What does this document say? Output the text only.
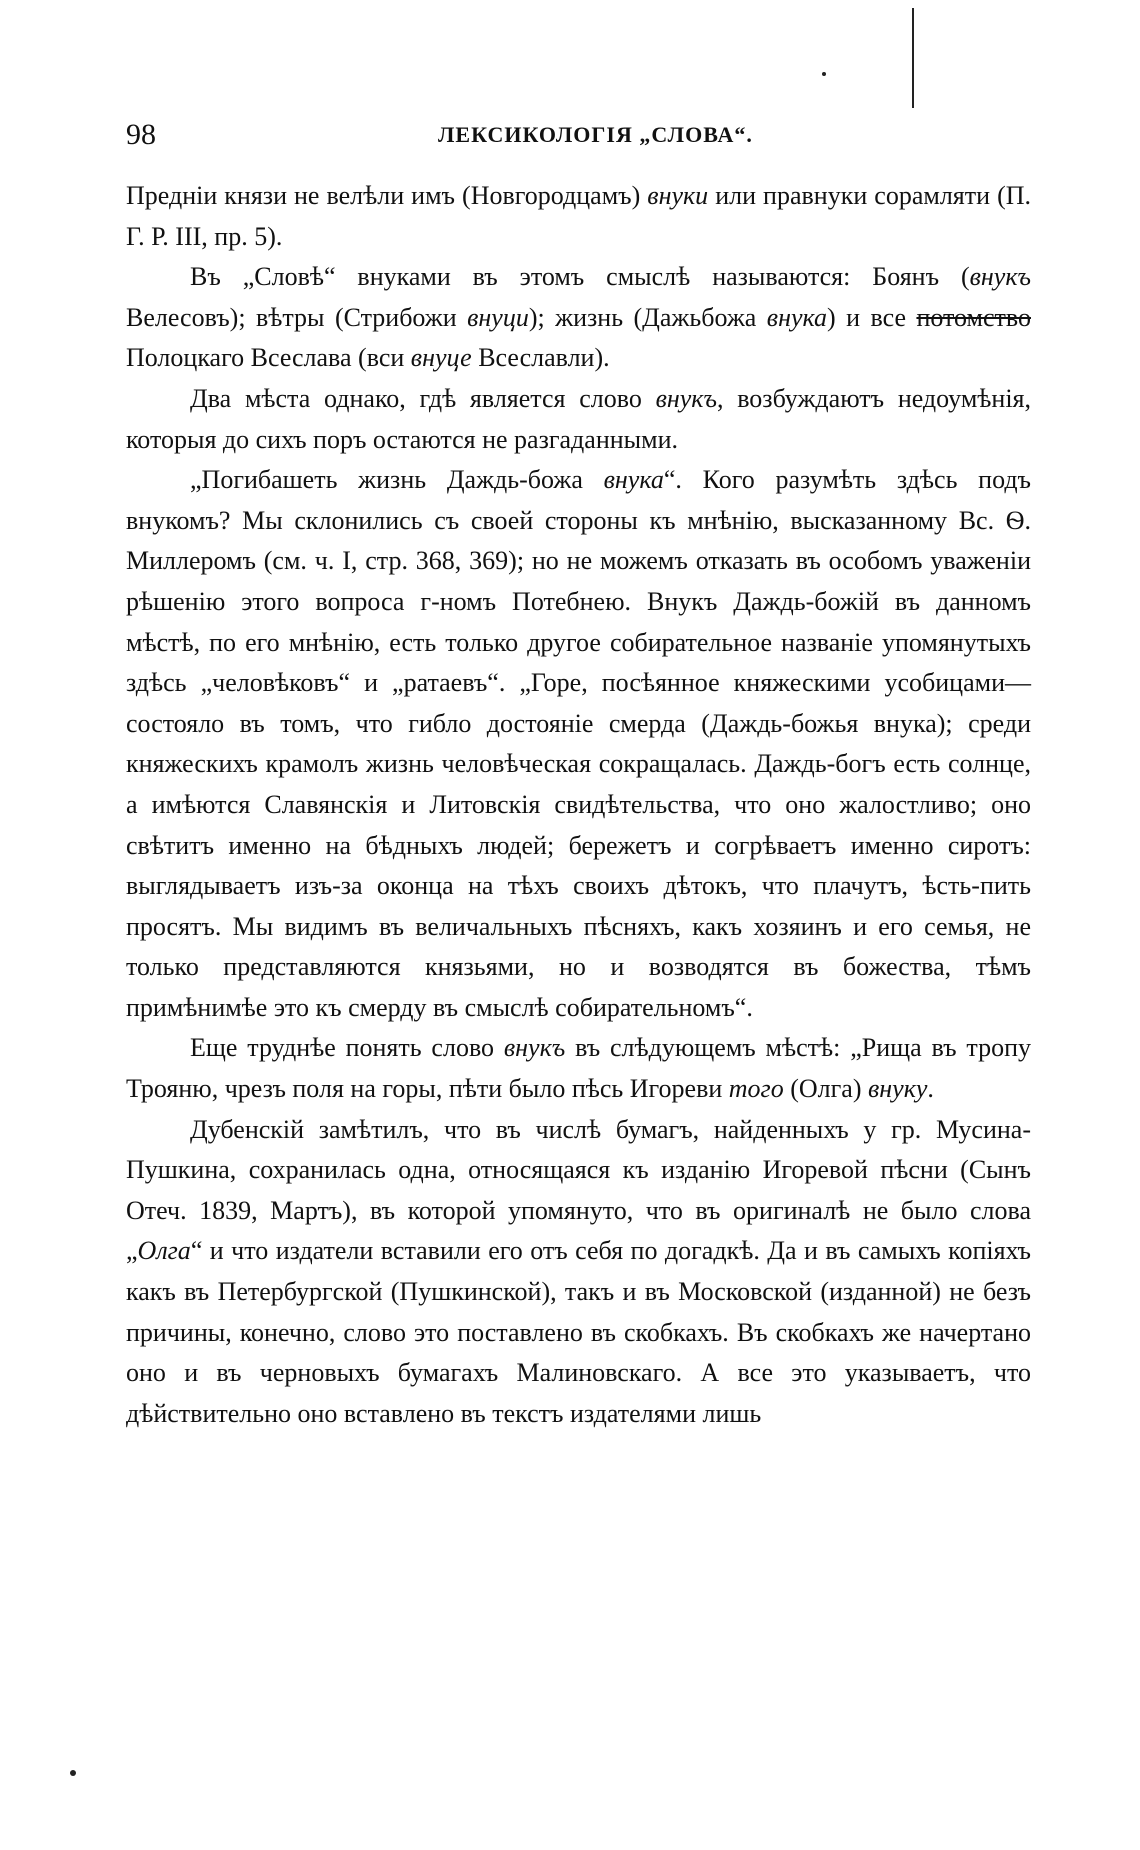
98	ЛЕКСИКОЛОГІЯ „СЛОВА“.

Предніи князи не велѣли имъ (Новгородцамъ) внуки или правнуки сорамляти (П. Г. Р. III, пр. 5).

Въ „Словѣ“ внуками въ этомъ смыслѣ называются: Боянъ (внукъ Велесовъ); вѣтры (Стрибожи внуци); жизнь (Дажьбожа внука) и все потомство Полоцкаго Всеслава (вси внуце Всеславли).

Два мѣста однако, гдѣ является слово внукъ, возбуждаютъ недоумѣнія, которыя до сихъ поръ остаются не разгаданными.

„Погибашеть жизнь Даждь-божа внука“. Кого разумѣть здѣсь подъ внукомъ? Мы склонились съ своей стороны къ мнѣнію, высказанному Вс. Ѳ. Миллеромъ (см. ч. I, стр. 368, 369); но не можемъ отказать въ особомъ уваженіи рѣшенію этого вопроса г-номъ Потебнею. Внукъ Даждь-божій въ данномъ мѣстѣ, по его мнѣнію, есть только другое собирательное названіе упомянутыхъ здѣсь „человѣковъ“ и „ратаевъ“. „Горе, посѣянное княжескими усобицами—состояло въ томъ, что гибло достояніе смерда (Даждь-божья внука); среди княжескихъ крамолъ жизнь человѣческая сокращалась. Даждь-богъ есть солнце, а имѣются Славянскія и Литовскія свидѣтельства, что оно жалостливо; оно свѣтитъ именно на бѣдныхъ людей; бережетъ и согрѣваетъ именно сиротъ: выглядываетъ изъ-за оконца на тѣхъ своихъ дѣтокъ, что плачутъ, ѣсть-пить просятъ. Мы видимъ въ величальныхъ пѣсняхъ, какъ хозяинъ и его семья, не только представляются князьями, но и возводятся въ божества, тѣмъ примѣнимѣе это къ смерду въ смыслѣ собирательномъ“.

Еще труднѣе понять слово внукъ въ слѣдующемъ мѣстѣ: „Рища въ тропу Трояню, чрезъ поля на горы, пѣти было пѣсь Игореви того (Олга) внуку.

Дубенскій замѣтилъ, что въ числѣ бумагъ, найденныхъ у гр. Мусина-Пушкина, сохранилась одна, относящаяся къ изданію Игоревой пѣсни (Сынъ Отеч. 1839, Мартъ), въ которой упомянуто, что въ оригиналѣ не было слова „Олга“ и что издатели вставили его отъ себя по догадкѣ. Да и въ самыхъ копіяхъ какъ въ Петербургской (Пушкинской), такъ и въ Московской (изданной) не безъ причины, конечно, слово это поставлено въ скобкахъ. Въ скобкахъ же начертано оно и въ черновыхъ бумагахъ Малиновскаго. А все это указываетъ, что дѣйствительно оно вставлено въ текстъ издателями лишь
